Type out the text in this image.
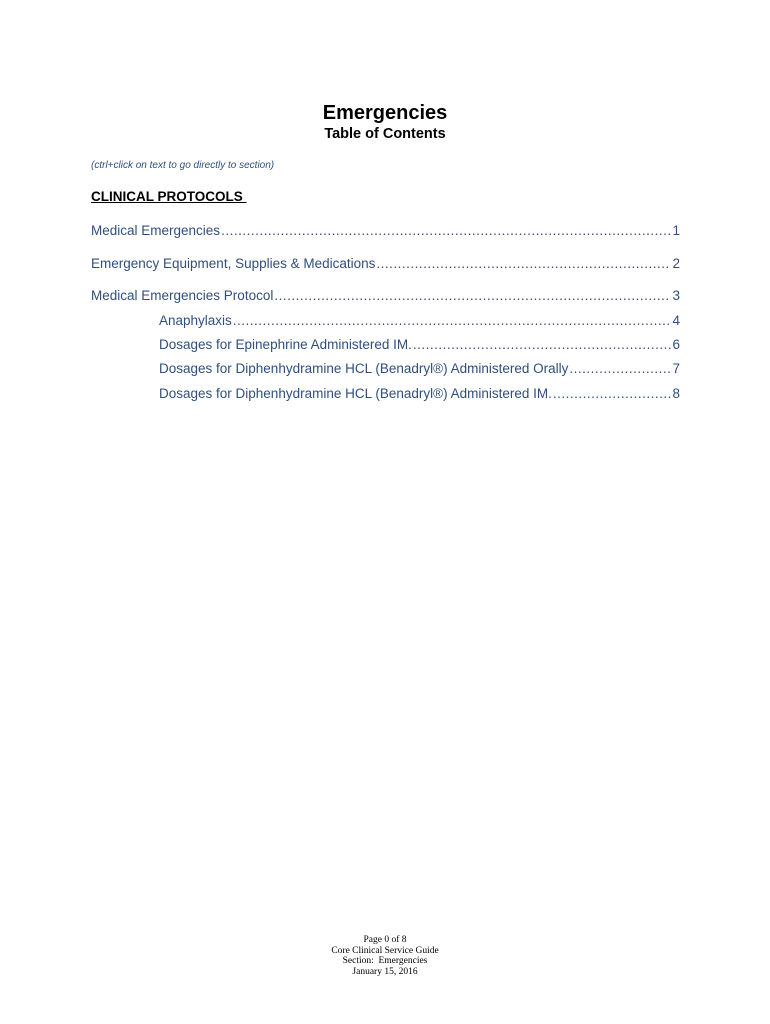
Emergencies
Table of Contents
(ctrl+click on text to go directly to section)
CLINICAL PROTOCOLS
Medical Emergencies .....	1
Emergency Equipment, Supplies & Medications .....	2
Medical Emergencies Protocol .....	3
Anaphylaxis .....	4
Dosages for Epinephrine Administered IM. .....	6
Dosages for Diphenhydramine HCL (Benadryl®) Administered Orally .....	7
Dosages for Diphenhydramine HCL (Benadryl®) Administered IM. .....	8
Page 0 of 8
Core Clinical Service Guide
Section:  Emergencies
January 15, 2016
